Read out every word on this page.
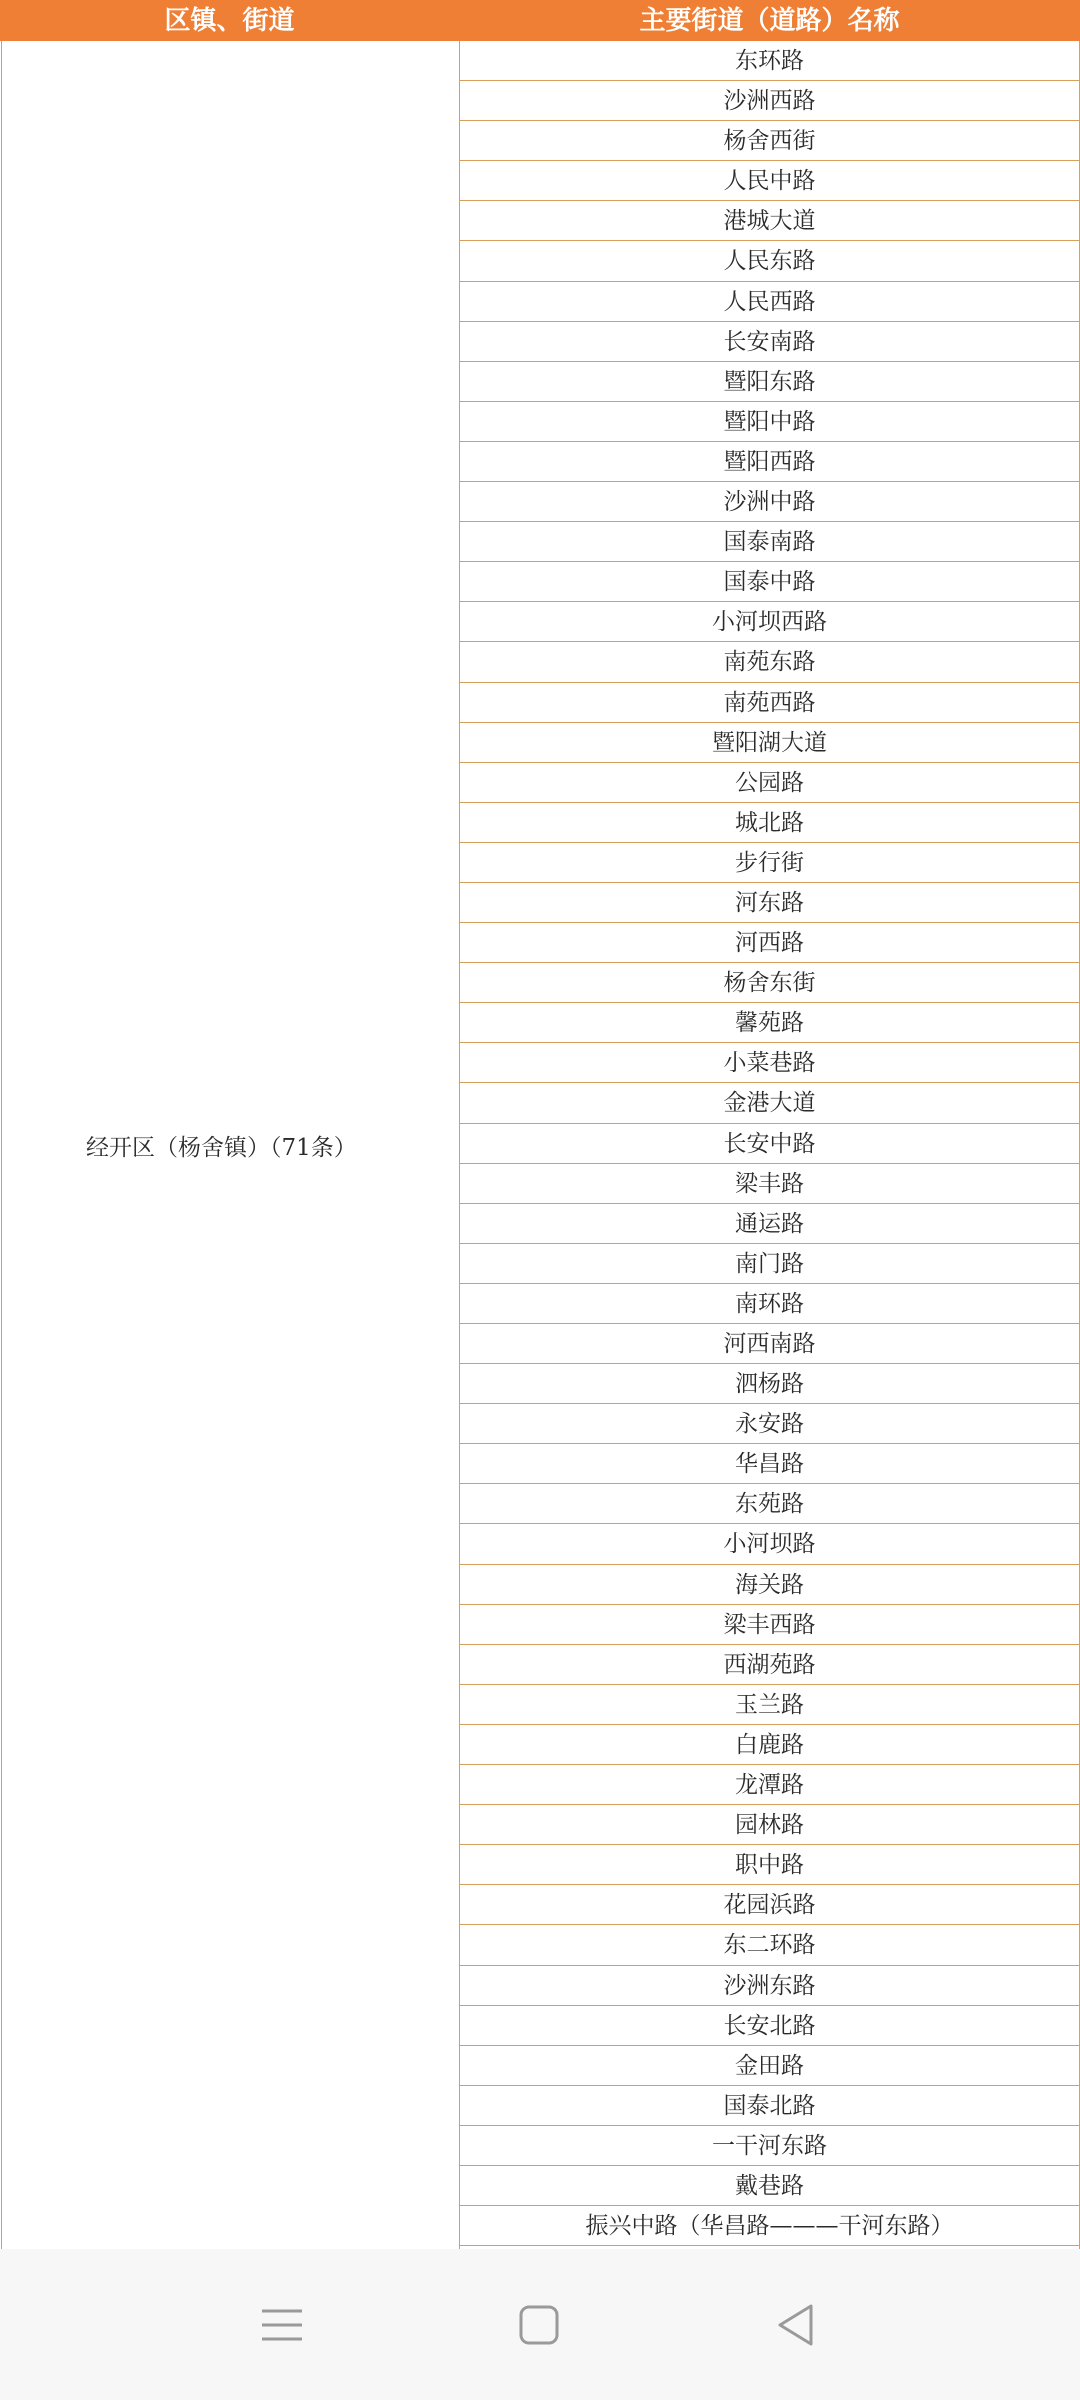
区镇、街道	主要街道（道路）名称
经开区（杨舍镇）（71条）
东环路
沙洲西路
杨舍西街
人民中路
港城大道
人民东路
人民西路
长安南路
暨阳东路
暨阳中路
暨阳西路
沙洲中路
国泰南路
国泰中路
小河坝西路
南苑东路
南苑西路
暨阳湖大道
公园路
城北路
步行街
河东路
河西路
杨舍东街
馨苑路
小菜巷路
金港大道
长安中路
梁丰路
通运路
南门路
南环路
河西南路
泗杨路
永安路
华昌路
东苑路
小河坝路
海关路
梁丰西路
西湖苑路
玉兰路
白鹿路
龙潭路
园林路
职中路
花园浜路
东二环路
沙洲东路
长安北路
金田路
国泰北路
一干河东路
戴巷路
振兴中路（华昌路———干河东路）
